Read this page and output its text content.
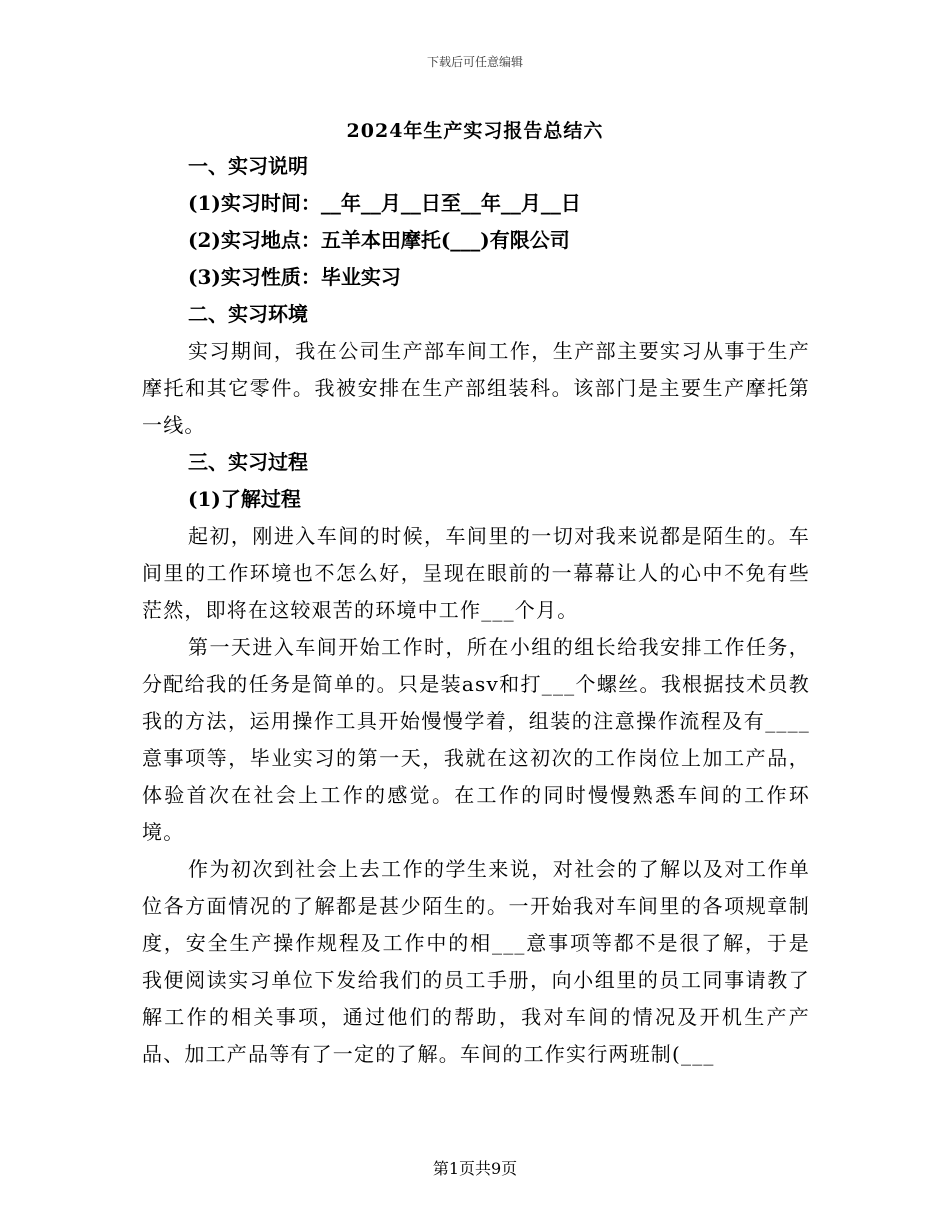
下载后可任意编辑
2024年生产实习报告总结六

一、实习说明

(1)实习时间：__年__月__日至__年__月__日

(2)实习地点：五羊本田摩托(___)有限公司

(3)实习性质：毕业实习

二、实习环境

实习期间，我在公司生产部车间工作，生产部主要实习从事于生产摩托和其它零件。我被安排在生产部组装科。该部门是主要生产摩托第一线。

三、实习过程

(1)了解过程

起初，刚进入车间的时候，车间里的一切对我来说都是陌生的。车间里的工作环境也不怎么好，呈现在眼前的一幕幕让人的心中不免有些茫然，即将在这较艰苦的环境中工作___个月。

第一天进入车间开始工作时，所在小组的组长给我安排工作任务，分配给我的任务是简单的。只是装asv和打___个螺丝。我根据技术员教我的方法，运用操作工具开始慢慢学着，组装的注意操作流程及有____意事项等，毕业实习的第一天，我就在这初次的工作岗位上加工产品，体验首次在社会上工作的感觉。在工作的同时慢慢熟悉车间的工作环境。

作为初次到社会上去工作的学生来说，对社会的了解以及对工作单位各方面情况的了解都是甚少陌生的。一开始我对车间里的各项规章制度，安全生产操作规程及工作中的相___意事项等都不是很了解，于是我便阅读实习单位下发给我们的员工手册，向小组里的员工同事请教了解工作的相关事项，通过他们的帮助，我对车间的情况及开机生产产品、加工产品等有了一定的了解。车间的工作实行两班制(___

第1页共9页
